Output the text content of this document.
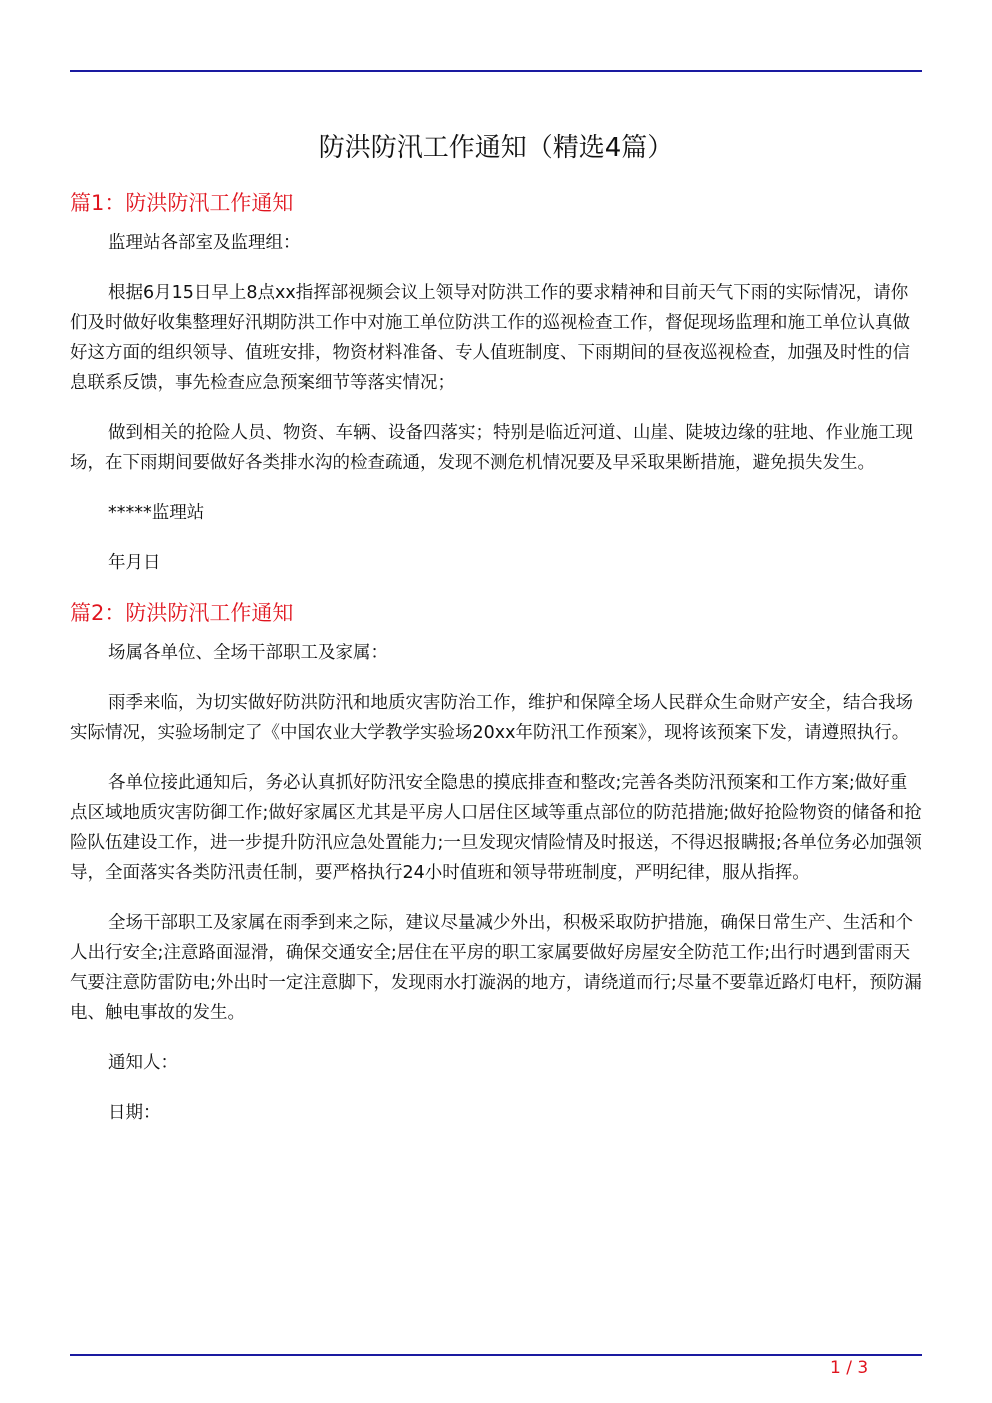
防洪防汛工作通知（精选4篇）
篇1：防洪防汛工作通知

监理站各部室及监理组：

根据6月15日早上8点xx指挥部视频会议上领导对防洪工作的要求精神和目前天气下雨的实际情况，请你们及时做好收集整理好汛期防洪工作中对施工单位防洪工作的巡视检查工作，督促现场监理和施工单位认真做好这方面的组织领导、值班安排，物资材料准备、专人值班制度、下雨期间的昼夜巡视检查，加强及时性的信息联系反馈，事先检查应急预案细节等落实情况；

做到相关的抢险人员、物资、车辆、设备四落实；特别是临近河道、山崖、陡坡边缘的驻地、作业施工现场，在下雨期间要做好各类排水沟的检查疏通，发现不测危机情况要及早采取果断措施，避免损失发生。

*****监理站

年月日

篇2：防洪防汛工作通知

场属各单位、全场干部职工及家属：

雨季来临，为切实做好防洪防汛和地质灾害防治工作，维护和保障全场人民群众生命财产安全，结合我场实际情况，实验场制定了《中国农业大学教学实验场20xx年防汛工作预案》，现将该预案下发，请遵照执行。

各单位接此通知后，务必认真抓好防汛安全隐患的摸底排查和整改;完善各类防汛预案和工作方案;做好重点区域地质灾害防御工作;做好家属区尤其是平房人口居住区域等重点部位的防范措施;做好抢险物资的储备和抢险队伍建设工作，进一步提升防汛应急处置能力;一旦发现灾情险情及时报送，不得迟报瞒报;各单位务必加强领导，全面落实各类防汛责任制，要严格执行24小时值班和领导带班制度，严明纪律，服从指挥。

全场干部职工及家属在雨季到来之际，建议尽量减少外出，积极采取防护措施，确保日常生产、生活和个人出行安全;注意路面湿滑，确保交通安全;居住在平房的职工家属要做好房屋安全防范工作;出行时遇到雷雨天气要注意防雷防电;外出时一定注意脚下，发现雨水打漩涡的地方，请绕道而行;尽量不要靠近路灯电杆，预防漏电、触电事故的发生。

通知人：

日期：

1 / 3
